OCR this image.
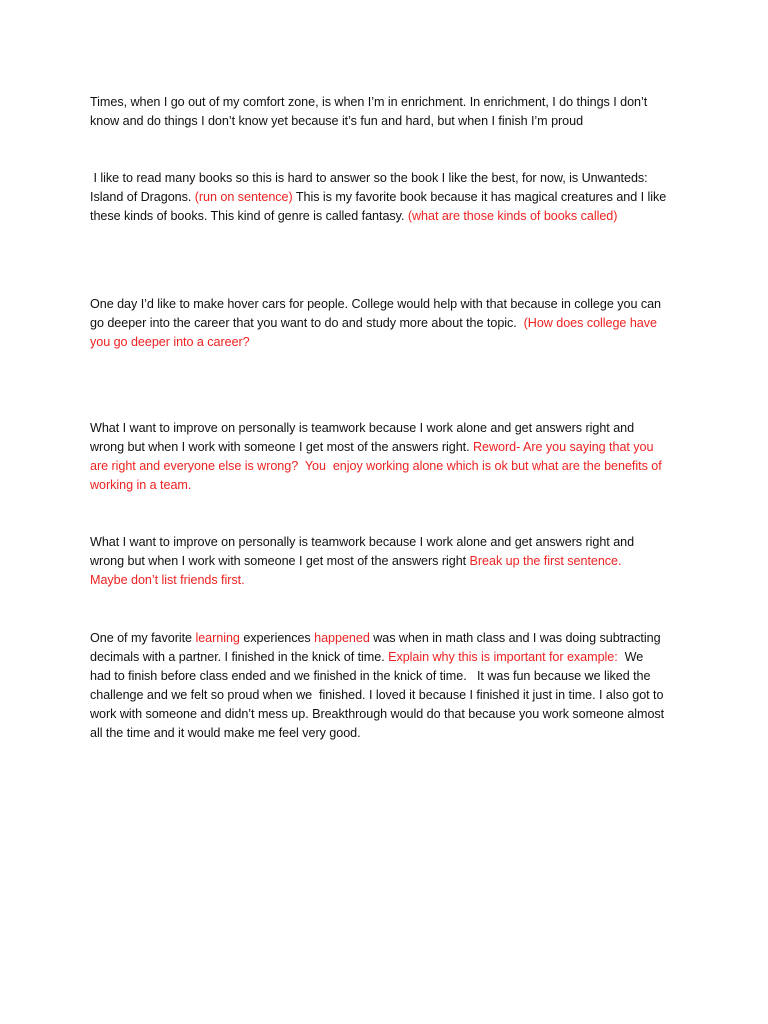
Times, when I go out of my comfort zone, is when I’m in enrichment. In enrichment, I do things I don’t
know and do things I don’t know yet because it’s fun and hard, but when I finish I’m proud
I like to read many books so this is hard to answer so the book I like the best, for now, is Unwanteds:
Island of Dragons. (run on sentence) This is my favorite book because it has magical creatures and I like
these kinds of books. This kind of genre is called fantasy. (what are those kinds of books called)
One day I’d like to make hover cars for people. College would help with that because in college you can
go deeper into the career that you want to do and study more about the topic.  (How does college have
you go deeper into a career?
What I want to improve on personally is teamwork because I work alone and get answers right and
wrong but when I work with someone I get most of the answers right. Reword- Are you saying that you
are right and everyone else is wrong?  You  enjoy working alone which is ok but what are the benefits of
working in a team.
What I want to improve on personally is teamwork because I work alone and get answers right and
wrong but when I work with someone I get most of the answers right Break up the first sentence.
Maybe don’t list friends first.
One of my favorite learning experiences happened was when in math class and I was doing subtracting
decimals with a partner. I finished in the knick of time. Explain why this is important for example:  We
had to finish before class ended and we finished in the knick of time.   It was fun because we liked the
challenge and we felt so proud when we  finished. I loved it because I finished it just in time. I also got to
work with someone and didn’t mess up. Breakthrough would do that because you work someone almost
all the time and it would make me feel very good.
